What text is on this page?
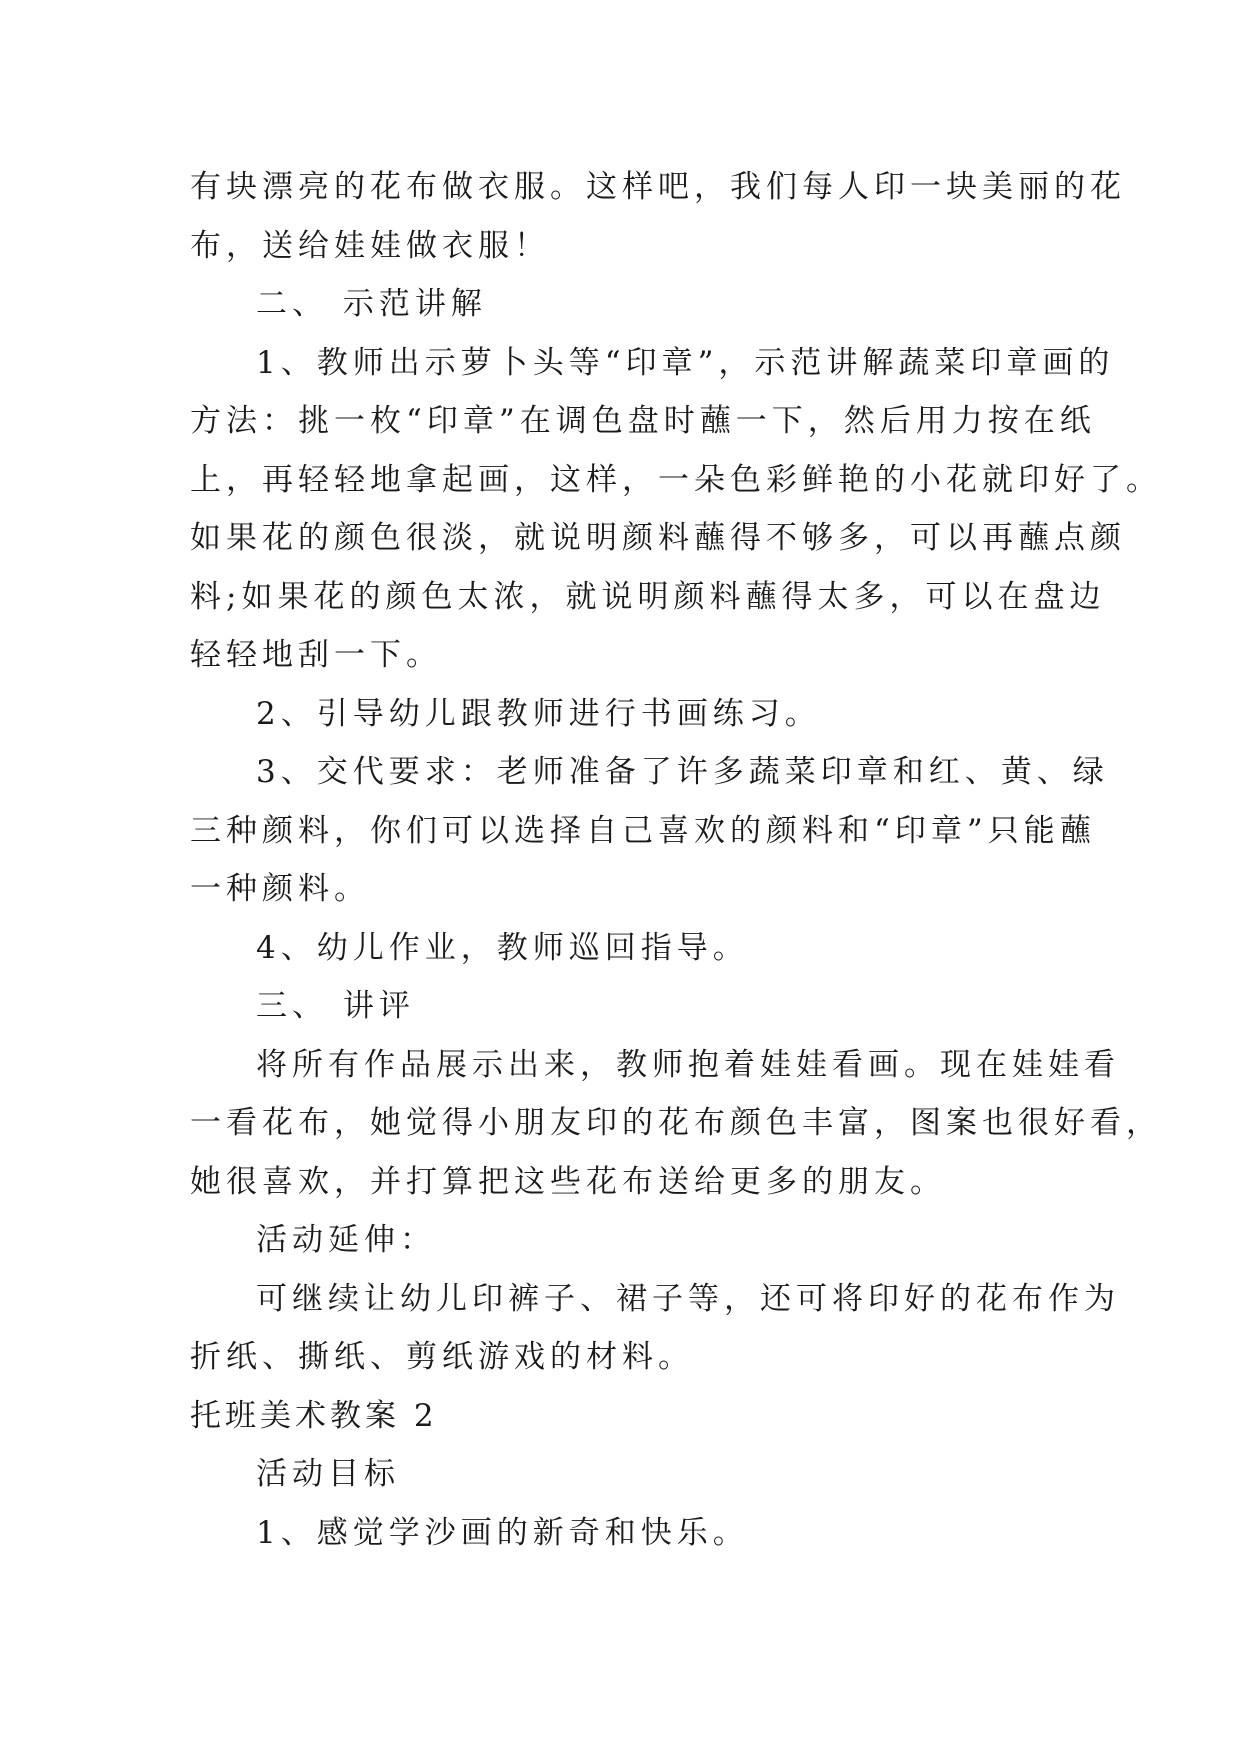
有块漂亮的花布做衣服。这样吧，我们每人印一块美丽的花
布，送给娃娃做衣服！
二、 示范讲解
1、教师出示萝卜头等“印章”，示范讲解蔬菜印章画的
方法：挑一枚“印章”在调色盘时蘸一下，然后用力按在纸
上，再轻轻地拿起画，这样，一朵色彩鲜艳的小花就印好了。
如果花的颜色很淡，就说明颜料蘸得不够多，可以再蘸点颜
料;如果花的颜色太浓，就说明颜料蘸得太多，可以在盘边
轻轻地刮一下。
2、引导幼儿跟教师进行书画练习。
3、交代要求：老师准备了许多蔬菜印章和红、黄、绿
三种颜料，你们可以选择自己喜欢的颜料和“印章”只能蘸
一种颜料。
4、幼儿作业，教师巡回指导。
三、 讲评
将所有作品展示出来，教师抱着娃娃看画。现在娃娃看
一看花布，她觉得小朋友印的花布颜色丰富，图案也很好看，
她很喜欢，并打算把这些花布送给更多的朋友。
活动延伸：
可继续让幼儿印裤子、裙子等，还可将印好的花布作为
折纸、撕纸、剪纸游戏的材料。
托班美术教案 2
活动目标
1、感觉学沙画的新奇和快乐。
